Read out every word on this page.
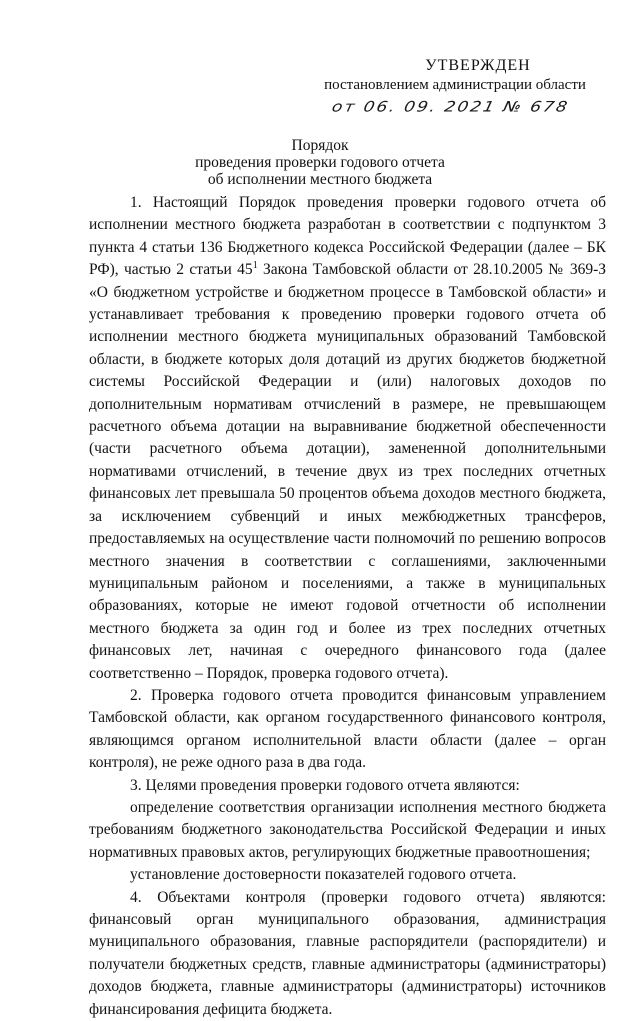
УТВЕРЖДЕН
постановлением администрации области
от 06. 09. 2021 № 678
Порядок
проведения проверки годового отчета
об исполнении местного бюджета

1. Настоящий Порядок проведения проверки годового отчета об исполнении местного бюджета разработан в соответствии с подпунктом 3 пункта 4 статьи 136 Бюджетного кодекса Российской Федерации (далее – БК РФ), частью 2 статьи $45^1$ Закона Тамбовской области от 28.10.2005 № 369-З «О бюджетном устройстве и бюджетном процессе в Тамбовской области» и устанавливает требования к проведению проверки годового отчета об исполнении местного бюджета муниципальных образований Тамбовской области, в бюджете которых доля дотаций из других бюджетов бюджетной системы Российской Федерации и (или) налоговых доходов по дополнительным нормативам отчислений в размере, не превышающем расчетного объема дотации на выравнивание бюджетной обеспеченности (части расчетного объема дотации), замененной дополнительными нормативами отчислений, в течение двух из трех последних отчетных финансовых лет превышала 50 процентов объема доходов местного бюджета, за исключением субвенций и иных межбюджетных трансферов, предоставляемых на осуществление части полномочий по решению вопросов местного значения в соответствии с соглашениями, заключенными муниципальным районом и поселениями, а также в муниципальных образованиях, которые не имеют годовой отчетности об исполнении местного бюджета за один год и более из трех последних отчетных финансовых лет, начиная с очередного финансового года (далее соответственно – Порядок, проверка годового отчета).

2. Проверка годового отчета проводится финансовым управлением Тамбовской области, как органом государственного финансового контроля, являющимся органом исполнительной власти области (далее – орган контроля), не реже одного раза в два года.

3. Целями проведения проверки годового отчета являются:

определение соответствия организации исполнения местного бюджета требованиям бюджетного законодательства Российской Федерации и иных нормативных правовых актов, регулирующих бюджетные правоотношения;

установление достоверности показателей годового отчета.

4. Объектами контроля (проверки годового отчета) являются: финансовый орган муниципального образования, администрация муниципального образования, главные распорядители (распорядители) и получатели бюджетных средств, главные администраторы (администраторы) доходов бюджета, главные администраторы (администраторы) источников финансирования дефицита бюджета.
